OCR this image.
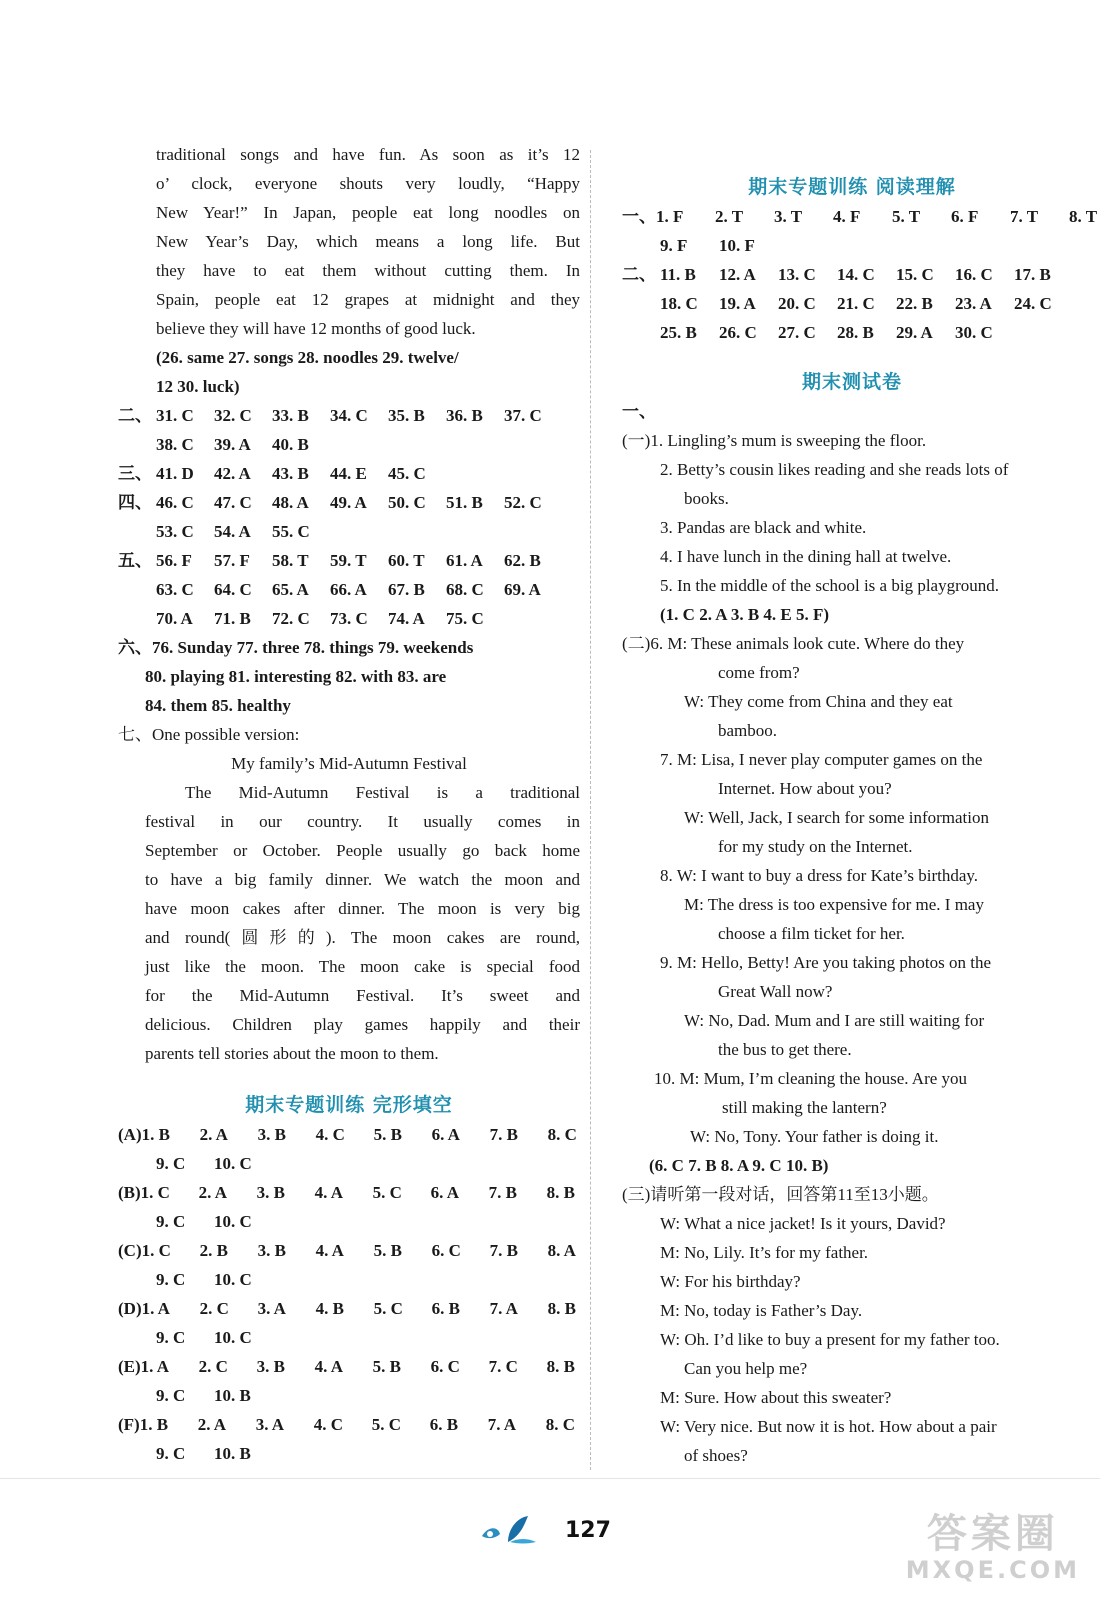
traditional songs and have fun. As soon as it’s 12
o’ clock, everyone shouts very loudly, “Happy
New Year!” In Japan, people eat long noodles on
New Year’s Day, which means a long life. But
they have to eat them without cutting them. In
Spain, people eat 12 grapes at midnight and they
believe they will have 12 months of good luck.
(26. same 27. songs 28. noodles 29. twelve/
12 30. luck)
二、 31. C	32. C	33. B	34. C	35. B	36. B	37. C
38. C	39. A	40. B
三、 41. D	42. A	43. B	44. E	45. C
四、 46. C	47. C	48. A	49. A	50. C	51. B	52. C
53. C	54. A	55. C
五、 56. F	57. F	58. T	59. T	60. T	61. A	62. B
63. C	64. C	65. A	66. A	67. B	68. C	69. A
70. A	71. B	72. C	73. C	74. A	75. C
六、76. Sunday 77. three 78. things 79. weekends
80. playing 81. interesting 82. with 83. are
84. them 85. healthy
七、One possible version:
My family’s Mid-Autumn Festival
The Mid-Autumn Festival is a traditional
festival in our country. It usually comes in
September or October. People usually go back home
to have a big family dinner. We watch the moon and
have moon cakes after dinner. The moon is very big
and round(圆形的). The moon cakes are round,
just like the moon. The moon cake is special food
for the Mid-Autumn Festival. It’s sweet and
delicious. Children play games happily and their
parents tell stories about the moon to them.
期末专题训练 完形填空
(A) 1. B	2. A	3. B	4. C	5. B	6. A	7. B	8. C
9. C	10. C
(B) 1. C	2. A	3. B	4. A	5. C	6. A	7. B	8. B
9. C	10. C
(C) 1. C	2. B	3. B	4. A	5. B	6. C	7. B	8. A
9. C	10. C
(D) 1. A	2. C	3. A	4. B	5. C	6. B	7. A	8. B
9. C	10. C
(E) 1. A	2. C	3. B	4. A	5. B	6. C	7. C	8. B
9. C	10. B
(F) 1. B	2. A	3. A	4. C	5. C	6. B	7. A	8. C
9. C	10. B
期末专题训练 阅读理解
一、 1. F	2. T	3. T	4. F	5. T	6. F	7. T	8. T
9. F	10. F
二、 11. B	12. A	13. C	14. C	15. C	16. C	17. B
18. C	19. A	20. C	21. C	22. B	23. A	24. C
25. B	26. C	27. C	28. B	29. A	30. C
期末测试卷
一、
(一)1. Lingling’s mum is sweeping the floor.
2. Betty’s cousin likes reading and she reads lots of
books.
3. Pandas are black and white.
4. I have lunch in the dining hall at twelve.
5. In the middle of the school is a big playground.
(1. C 2. A 3. B 4. E 5. F)
(二)6. M: These animals look cute. Where do they
come from?
W: They come from China and they eat
bamboo.
7. M: Lisa, I never play computer games on the
Internet. How about you?
W: Well, Jack, I search for some information
for my study on the Internet.
8. W: I want to buy a dress for Kate’s birthday.
M: The dress is too expensive for me. I may
choose a film ticket for her.
9. M: Hello, Betty! Are you taking photos on the
Great Wall now?
W: No, Dad. Mum and I are still waiting for
the bus to get there.
10. M: Mum, I’m cleaning the house. Are you
still making the lantern?
W: No, Tony. Your father is doing it.
(6. C 7. B 8. A 9. C 10. B)
(三)请听第一段对话，回答第11至13小题。
W: What a nice jacket! Is it yours, David?
M: No, Lily. It’s for my father.
W: For his birthday?
M: No, today is Father’s Day.
W: Oh. I’d like to buy a present for my father too.
Can you help me?
M: Sure. How about this sweater?
W: Very nice. But now it is hot. How about a pair
of shoes?
127	答案圈
MXQE.COM
